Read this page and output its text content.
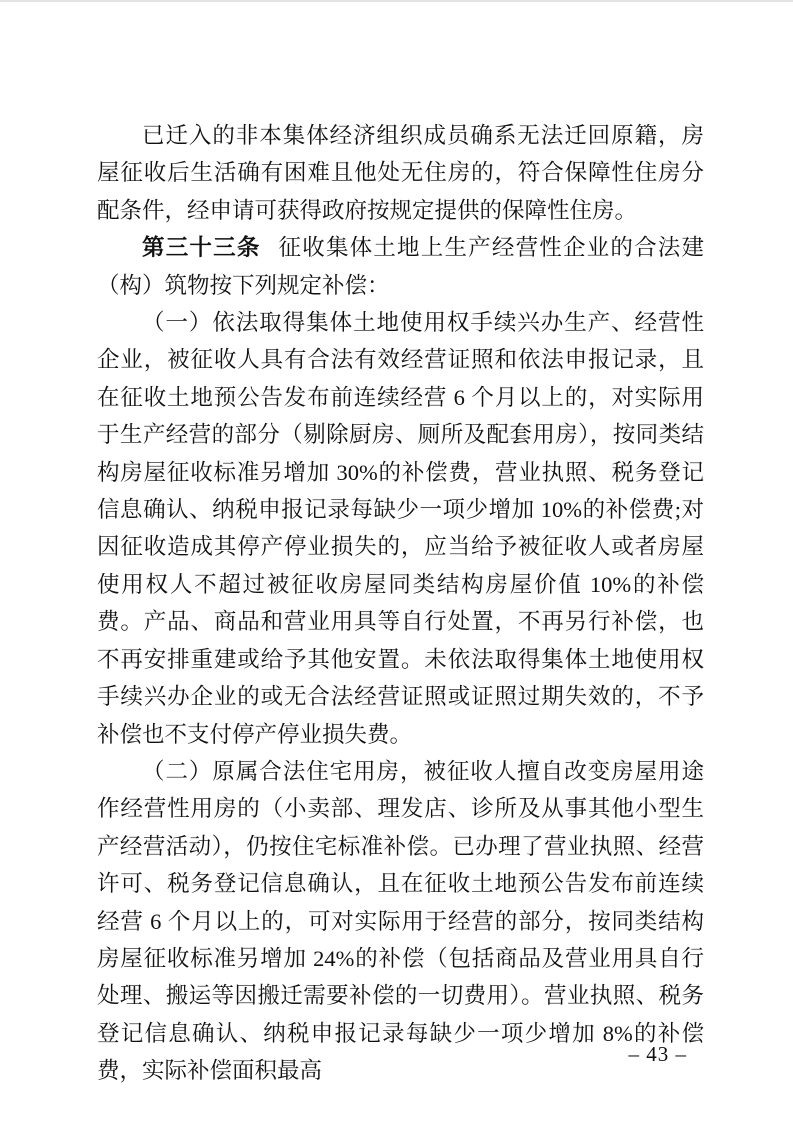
已迁入的非本集体经济组织成员确系无法迁回原籍，房屋征收后生活确有困难且他处无住房的，符合保障性住房分配条件，经申请可获得政府按规定提供的保障性住房。

第三十三条 征收集体土地上生产经营性企业的合法建（构）筑物按下列规定补偿：

（一）依法取得集体土地使用权手续兴办生产、经营性企业，被征收人具有合法有效经营证照和依法申报记录，且在征收土地预公告发布前连续经营 6 个月以上的，对实际用于生产经营的部分（剔除厨房、厕所及配套用房），按同类结构房屋征收标准另增加 30%的补偿费，营业执照、税务登记信息确认、纳税申报记录每缺少一项少增加 10%的补偿费;对因征收造成其停产停业损失的，应当给予被征收人或者房屋使用权人不超过被征收房屋同类结构房屋价值 10%的补偿费。产品、商品和营业用具等自行处置，不再另行补偿，也不再安排重建或给予其他安置。未依法取得集体土地使用权手续兴办企业的或无合法经营证照或证照过期失效的，不予补偿也不支付停产停业损失费。

（二）原属合法住宅用房，被征收人擅自改变房屋用途作经营性用房的（小卖部、理发店、诊所及从事其他小型生产经营活动），仍按住宅标准补偿。已办理了营业执照、经营许可、税务登记信息确认，且在征收土地预公告发布前连续经营 6 个月以上的，可对实际用于经营的部分，按同类结构房屋征收标准另增加 24%的补偿（包括商品及营业用具自行处理、搬运等因搬迁需要补偿的一切费用）。营业执照、税务登记信息确认、纳税申报记录每缺少一项少增加 8%的补偿费，实际补偿面积最高

– 43 –
